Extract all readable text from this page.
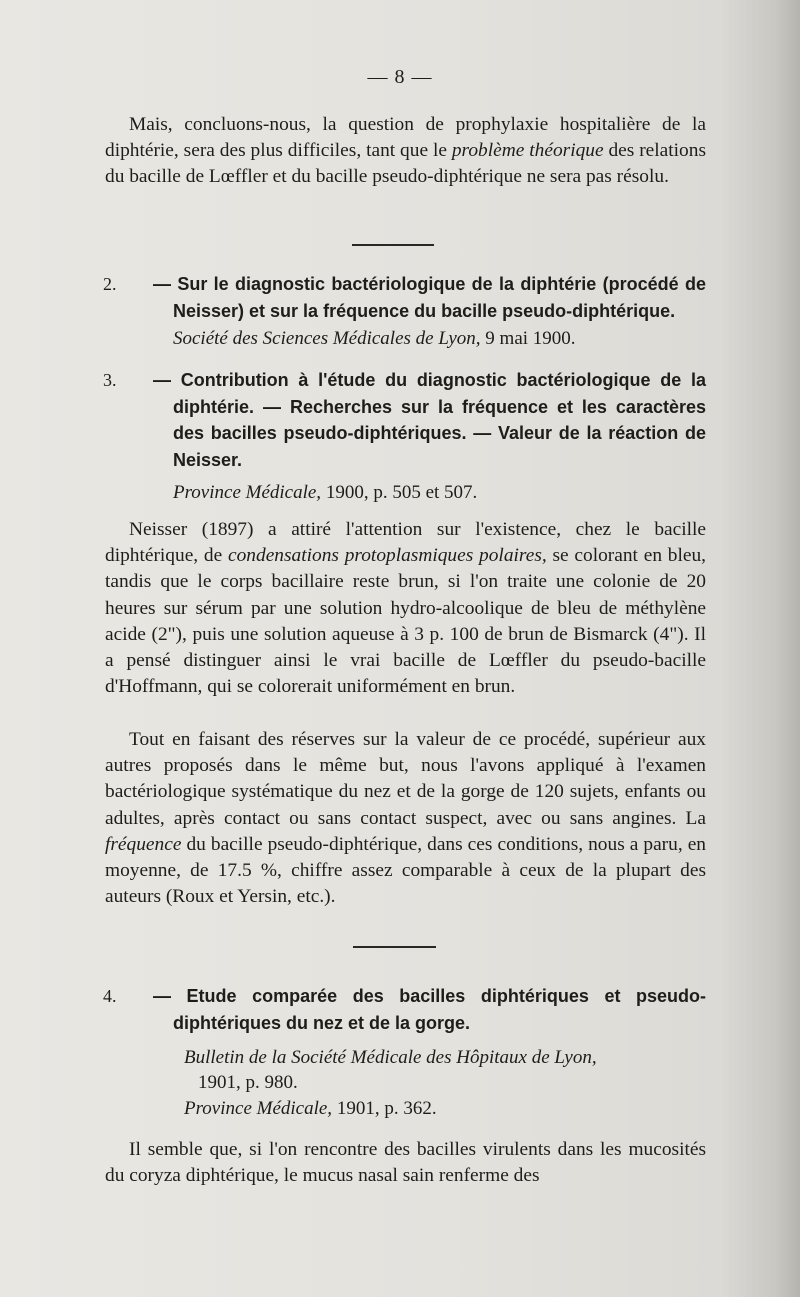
— 8 —

Mais, concluons-nous, la question de prophylaxie hospitalière de la diphtérie, sera des plus difficiles, tant que le problème théorique des relations du bacille de Lœffler et du bacille pseudo-diphtérique ne sera pas résolu.

2.	— Sur le diagnostic bactériologique de la diphtérie (procédé de Neisser) et sur la fréquence du bacille pseudo-diphtérique.
Société des Sciences Médicales de Lyon, 9 mai 1900.
3.	— Contribution à l'étude du diagnostic bactériologique de la diphtérie. — Recherches sur la fréquence et les caractères des bacilles pseudo-diphtériques. — Valeur de la réaction de Neisser.
Province Médicale, 1900, p. 505 et 507.

Neisser (1897) a attiré l'attention sur l'existence, chez le bacille diphtérique, de condensations protoplasmiques polaires, se colorant en bleu, tandis que le corps bacillaire reste brun, si l'on traite une colonie de 20 heures sur sérum par une solution hydro-alcoolique de bleu de méthylène acide (2"), puis une solution aqueuse à 3 p. 100 de brun de Bismarck (4"). Il a pensé distinguer ainsi le vrai bacille de Lœffler du pseudo-bacille d'Hoffmann, qui se colorerait uniformément en brun.

Tout en faisant des réserves sur la valeur de ce procédé, supérieur aux autres proposés dans le même but, nous l'avons appliqué à l'examen bactériologique systématique du nez et de la gorge de 120 sujets, enfants ou adultes, après contact ou sans contact suspect, avec ou sans angines. La fréquence du bacille pseudo-diphtérique, dans ces conditions, nous a paru, en moyenne, de 17.5 %, chiffre assez comparable à ceux de la plupart des auteurs (Roux et Yersin, etc.).

4.	— Etude comparée des bacilles diphtériques et pseudo-diphtériques du nez et de la gorge.
Bulletin de la Société Médicale des Hôpitaux de Lyon,
1901, p. 980.
Province Médicale, 1901, p. 362.

Il semble que, si l'on rencontre des bacilles virulents dans les mucosités du coryza diphtérique, le mucus nasal sain renferme des
